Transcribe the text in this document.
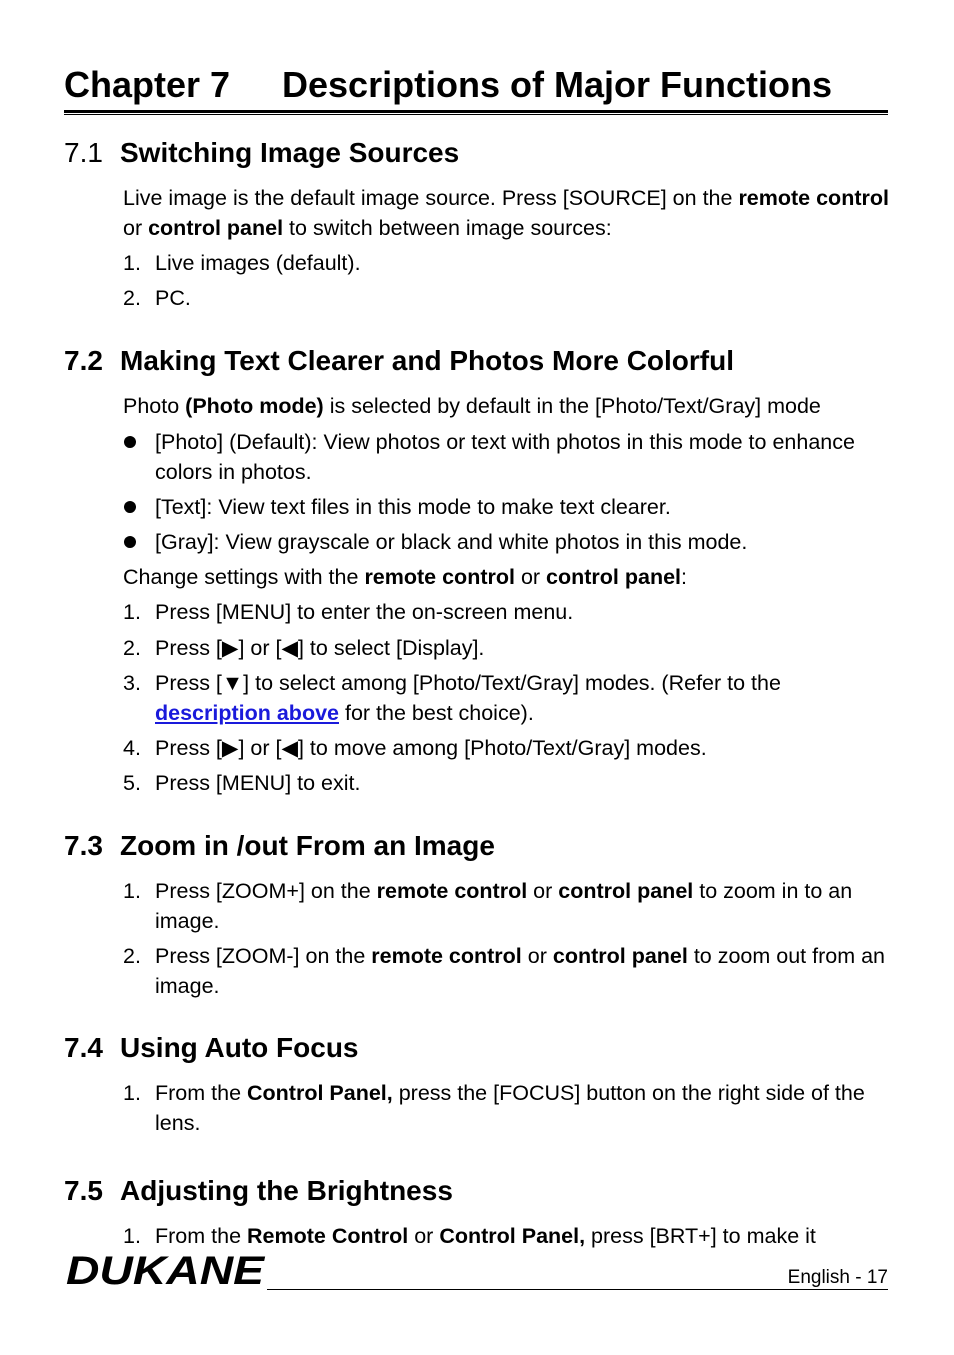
Chapter 7 Descriptions of Major Functions
7.1 Switching Image Sources

Live image is the default image source. Press [SOURCE] on the remote control or control panel to switch between image sources:

1. Live images (default).
2. PC.
7.2 Making Text Clearer and Photos More Colorful

Photo (Photo mode) is selected by default in the [Photo/Text/Gray] mode

[Photo] (Default): View photos or text with photos in this mode to enhance colors in photos.
[Text]: View text files in this mode to make text clearer.
[Gray]: View grayscale or black and white photos in this mode.

Change settings with the remote control or control panel:

1. Press [MENU] to enter the on-screen menu.
2. Press [▶] or [◀] to select [Display].
3. Press [▼] to select among [Photo/Text/Gray] modes. (Refer to the description above for the best choice).
4. Press [▶] or [◀] to move among [Photo/Text/Gray] modes.
5. Press [MENU] to exit.
7.3 Zoom in /out From an Image
1. Press [ZOOM+] on the remote control or control panel to zoom in to an image.
2. Press [ZOOM-] on the remote control or control panel to zoom out from an image.
7.4 Using Auto Focus
1. From the Control Panel, press the [FOCUS] button on the right side of the lens.
7.5 Adjusting the Brightness
1. From the Remote Control or Control Panel, press [BRT+] to make it
DUKANE	English - 17
